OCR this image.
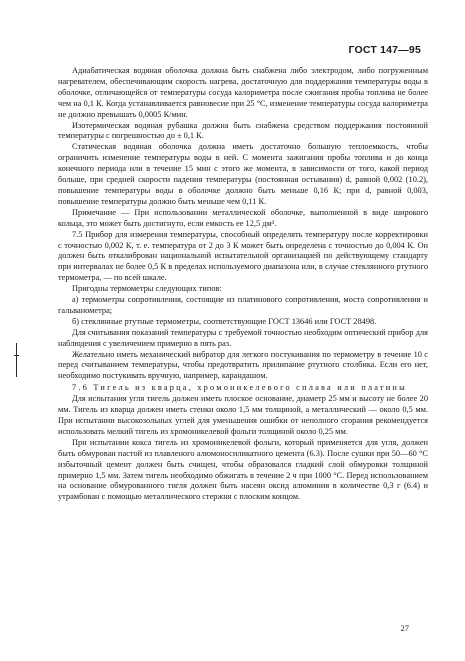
ГОСТ 147—95

Адиабатическая водяная оболочка должна быть снабжена либо электродом, либо погруженным нагревателем, обеспечивающим скорость нагрева, достаточную для поддержания температуры воды в оболочке, отличающейся от температуры сосуда калориметра после сжигания пробы топлива не более чем на 0,1 К. Когда устанавливается равновесие при 25 °С, изменение температуры сосуда калориметра не должно превышать 0,0005 К/мин.

Изотермическая водяная рубашка должна быть снабжена средством поддержания постоянной температуры с погрешностью до ± 0,1 К.

Статическая водяная оболочка должна иметь достаточно большую теплоемкость, чтобы ограничить изменение температуры воды в ней. С момента зажигания пробы топлива и до конца конечного периода или в течение 15 мин с этого же момента, в зависимости от того, какой период больше, при средней скорости падения температуры (постоянная остывания) d, равной 0,002 (10.2), повышение температуры воды в оболочке должно быть меньше 0,16 К; при d, равной 0,003, повышение температуры должно быть меньше чем 0,11 К.

Примечание — При использовании металлической оболочке, выполненной в виде широкого кольца, это может быть достигнуто, если емкость ее 12,5 дм³.

7.5 Прибор для измерения температуры, способный определять температуру после корректировки с точностью 0,002 К, т. е. температура от 2 до 3 К может быть определена с точностью до 0,004 К. Он должен быть откалиброван национальной испытательной организацией по действующему стандарту при интервалах не более 0,5 К в пределах используемого диапазона или, в случае стеклянного ртутного термометра, — по всей шкале.

Пригодны термометры следующих типов:

а) термометры сопротивления, состоящие из платинового сопротивления, моста сопротивления и гальванометра;

б) стеклянные ртутные термометры, соответствующие ГОСТ 13646 или ГОСТ 28498.

Для считывания показаний температуры с требуемой точностью необходим оптический прибор для наблюдения с увеличением примерно в пять раз.

Желательно иметь механический вибратор для легкого постукивания по термометру в течение 10 с перед считыванием температуры, чтобы предотвратить прилипание ртутного столбика. Если его нет, необходимо постукивать вручную, например, карандашом.

7.6 Тигель из кварца, хромоникелевого сплава или платины

Для испытания угля тигель должен иметь плоское основание, диаметр 25 мм и высоту не более 20 мм. Тигель из кварца должен иметь стенки около 1,5 мм толщиной, а металлический — около 0,5 мм. При испытании высокозольных углей для уменьшения ошибки от неполного сгорания рекомендуется использовать мелкий тигель из хромоникелевой фольги толщиной около 0,25 мм.

При испытании кокса тигель из хромоникелевой фольги, который применяется для угля, должен быть обмурован пастой из плавленого алюмоносиликатного цемента (6.3). После сушки при 50—60 °С избыточный цемент должен быть счищен, чтобы образовался гладкий слой обмуровки толщиной примерно 1,5 мм. Затем тигель необходимо обжигать в течение 2 ч при 1000 °С. Перед использованием на основание обмурованного тигля должен быть насеян оксид алюминия в количестве 0,3 г (6.4) и утрамбован с помощью металлического стержня с плоским концом.

27
